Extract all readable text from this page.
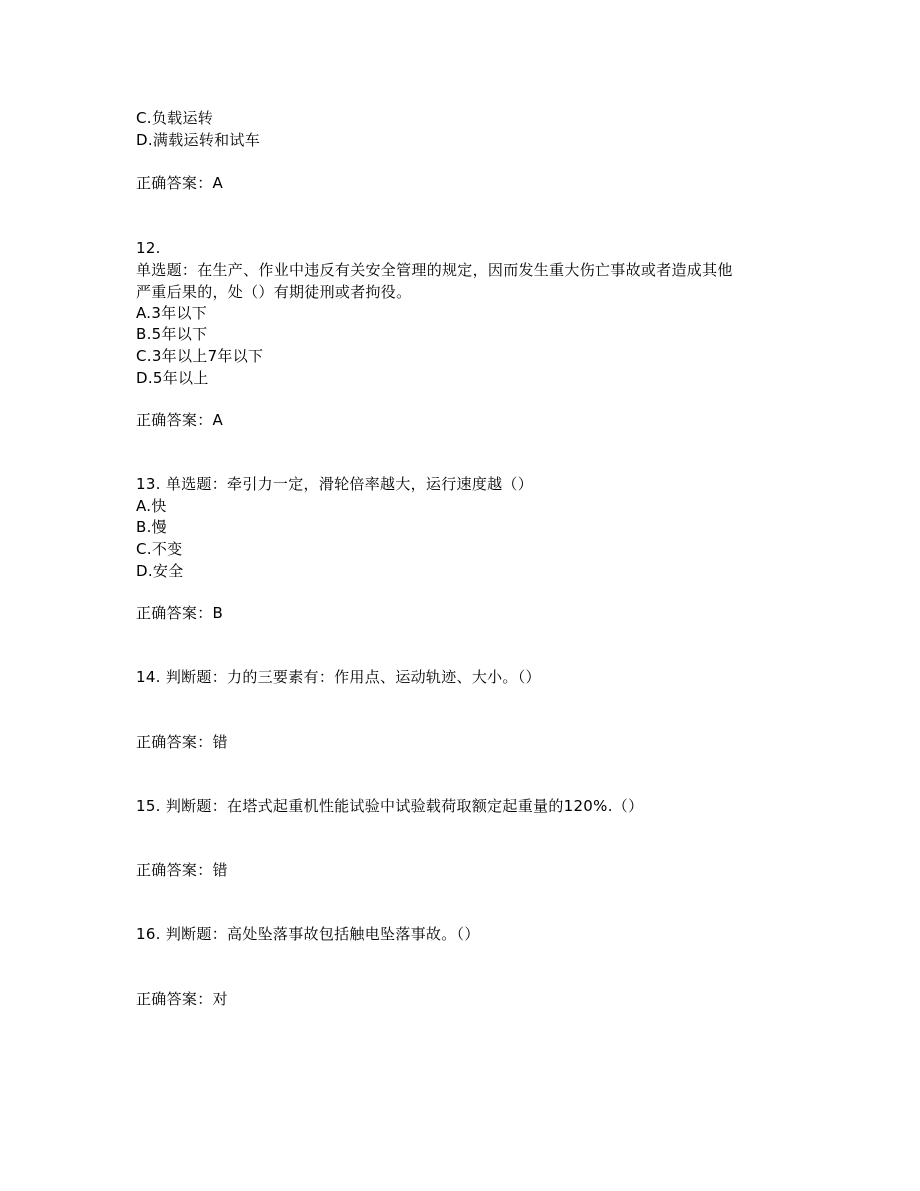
C.负载运转
D.满载运转和试车
正确答案：A
12.
单选题：在生产、作业中违反有关安全管理的规定，因而发生重大伤亡事故或者造成其他
严重后果的，处（）有期徒刑或者拘役。
A.3年以下
B.5年以下
C.3年以上7年以下
D.5年以上
正确答案：A
13. 单选题：牵引力一定，滑轮倍率越大，运行速度越（）
A.快
B.慢
C.不变
D.安全
正确答案：B
14. 判断题：力的三要素有：作用点、运动轨迹、大小。（）
正确答案：错
15. 判断题：在塔式起重机性能试验中试验载荷取额定起重量的120%.（）
正确答案：错
16. 判断题：高处坠落事故包括触电坠落事故。（）
正确答案：对
